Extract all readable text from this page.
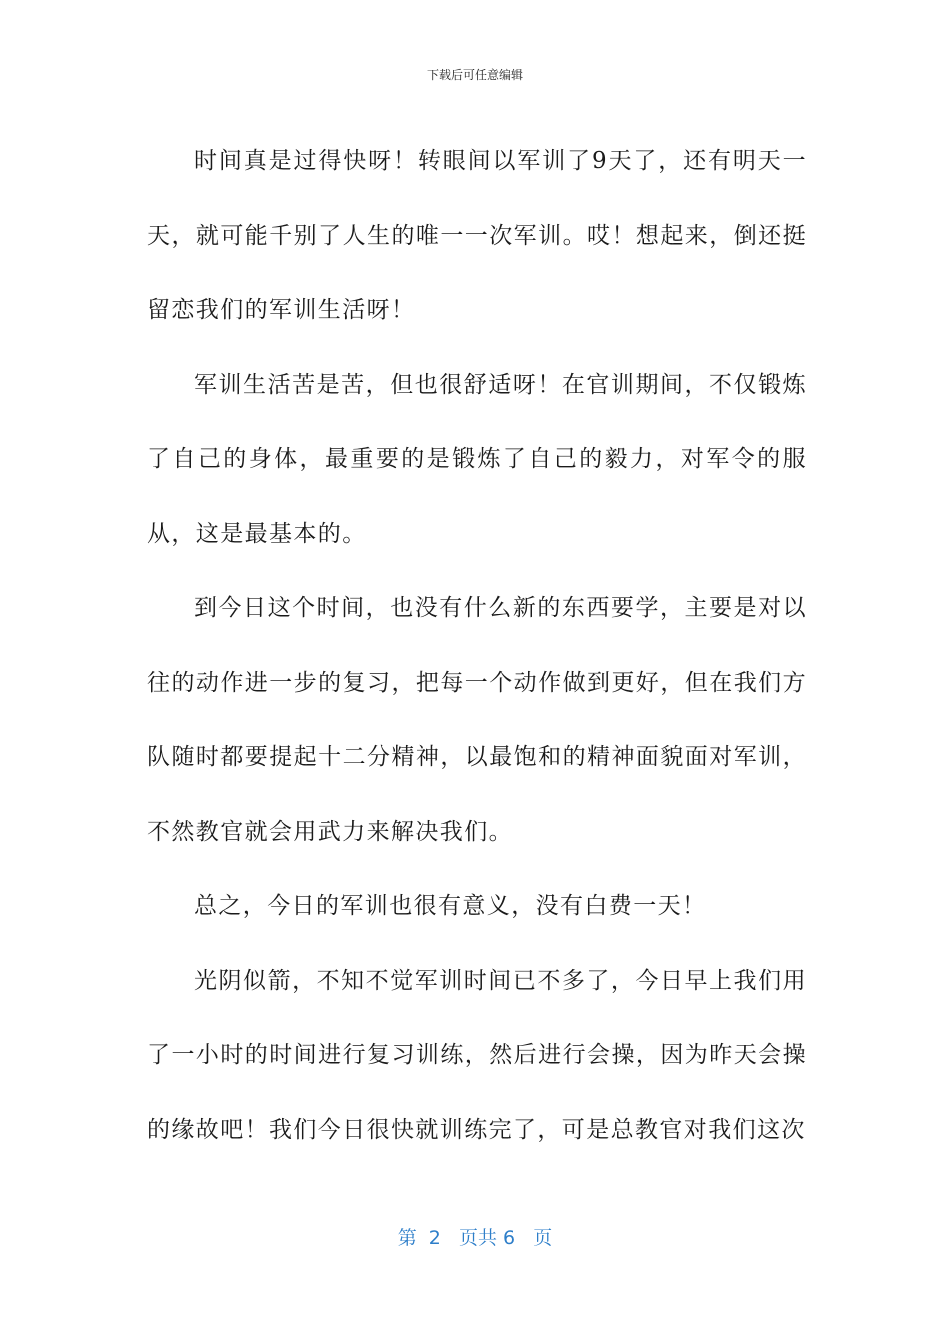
下载后可任意编辑

时间真是过得快呀！转眼间以军训了9天了，还有明天一天，就可能千别了人生的唯一一次军训。哎！想起来，倒还挺留恋我们的军训生活呀！

军训生活苦是苦，但也很舒适呀！在官训期间，不仅锻炼了自己的身体，最重要的是锻炼了自己的毅力，对军令的服从，这是最基本的。

到今日这个时间，也没有什么新的东西要学，主要是对以往的动作进一步的复习，把每一个动作做到更好，但在我们方队随时都要提起十二分精神，以最饱和的精神面貌面对军训，不然教官就会用武力来解决我们。

总之，今日的军训也很有意义，没有白费一天！

光阴似箭，不知不觉军训时间已不多了，今日早上我们用了一小时的时间进行复习训练，然后进行会操，因为昨天会操的缘故吧！我们今日很快就训练完了，可是总教官对我们这次

第  2   页共 6   页
